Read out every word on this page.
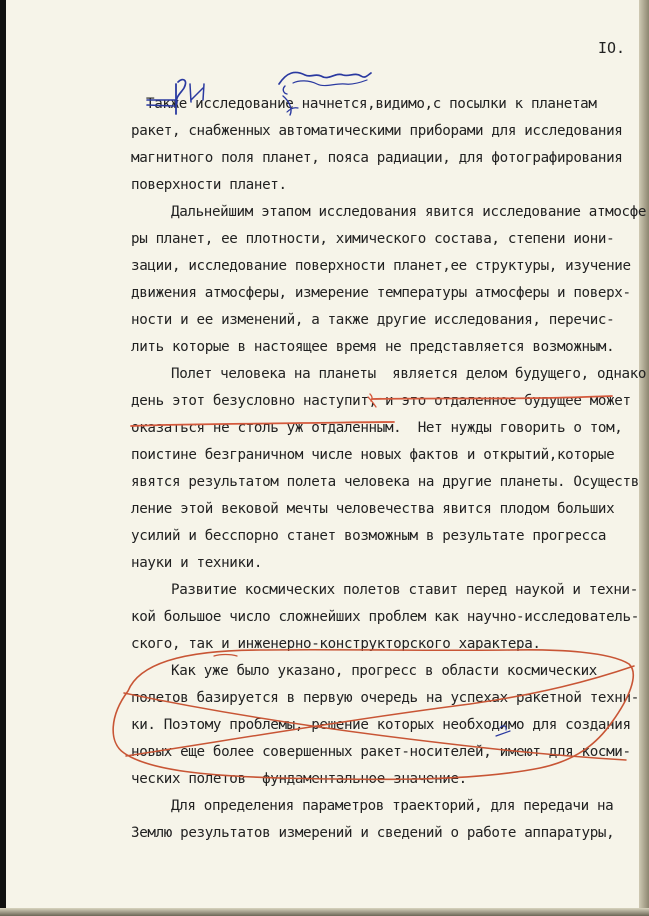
IO.
Также исследование начнется,видимо,с посылки к планетам
ракет, снабженных автоматическими приборами для исследования
магнитного поля планет, пояса радиации, для фотографирования
поверхности планет.
Дальнейшим этапом исследования явится исследование атмосфе
ры планет, ее плотности, химического состава, степени иони-
зации, исследование поверхности планет,ее структуры, изучение
движения атмосферы, измерение температуры атмосферы и поверх-
ности и ее изменений, а также другие исследования, перечис-
лить которые в настоящее время не представляется возможным.
Полет человека на планеты  является делом будущего, однако
день этот безусловно наступит, и это отдаленное будущее может
оказаться не столь уж отдаленным.  Нет нужды говорить о том,
поистине безграничном числе новых фактов и открытий,которые
явятся результатом полета человека на другие планеты. Осуществ
ление этой вековой мечты человечества явится плодом больших
усилий и бесспорно станет возможным в результате прогресса
науки и техники.
Развитие космических полетов ставит перед наукой и техни-
кой большое число сложнейших проблем как научно-исследователь-
ского, так и инженерно-конструкторского характера.
Как уже было указано, прогресс в области космических
полетов базируется в первую очередь на успехах ракетной техни-
ки. Поэтому проблемы, решение которых необходимо для создания
новых еще более совершенных ракет-носителей, имеют для косми-
ческих полетов  фундаментальное значение.
Для определения параметров траекторий, для передачи на
Землю результатов измерений и сведений о работе аппаратуры,
